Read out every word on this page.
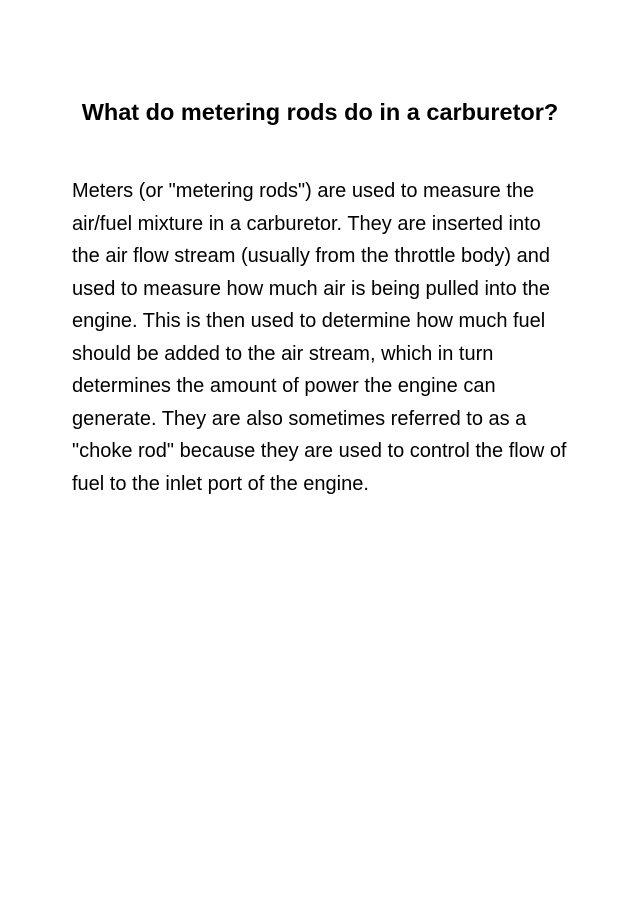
What do metering rods do in a carburetor?

Meters (or "metering rods") are used to measure the air/fuel mixture in a carburetor. They are inserted into the air flow stream (usually from the throttle body) and used to measure how much air is being pulled into the engine. This is then used to determine how much fuel should be added to the air stream, which in turn determines the amount of power the engine can generate. They are also sometimes referred to as a "choke rod" because they are used to control the flow of fuel to the inlet port of the engine.
